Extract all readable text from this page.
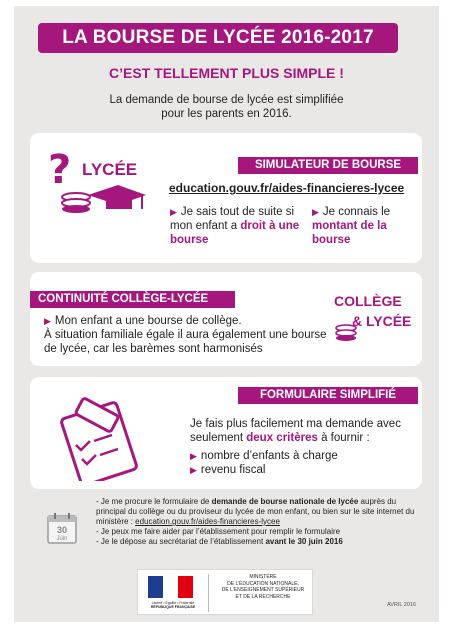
LA BOURSE DE LYCÉE 2016-2017
C’EST TELLEMENT PLUS SIMPLE !
La demande de bourse de lycée est simplifiée
pour les parents en 2016.
? LYCÉE	SIMULATEUR DE BOURSE
education.gouv.fr/aides-financieres-lycee
▶ Je sais tout de suite si mon enfant a droit à une bourse
▶ Je connais le montant de la bourse
CONTINUITÉ COLLÈGE-LYCÉE
▶ Mon enfant a une bourse de collège.
À situation familiale égale il aura également une bourse de lycée, car les barèmes sont harmonisés
COLLÈGE
& LYCÉE
FORMULAIRE SIMPLIFIÉ
Je fais plus facilement ma demande avec seulement deux critères à fournir :
▶ nombre d’enfants à charge
▶ revenu fiscal
30
Juin
- Je me procure le formulaire de demande de bourse nationale de lycée auprès du principal du collège ou du proviseur du lycée de mon enfant, ou bien sur le site internet du ministère : education.gouv.fr/aides-financieres-lycee
- Je peux me faire aider par l’établissement pour remplir le formulaire
- Je le dépose au secrétariat de l’établissement avant le 30 juin 2016
Liberté • Égalité • Fraternité
RÉPUBLIQUE FRANÇAISE
MINISTÈRE
DE L’ÉDUCATION NATIONALE,
DE L’ENSEIGNEMENT SUPÉRIEUR
ET DE LA RECHERCHE
AVRIL 2016
